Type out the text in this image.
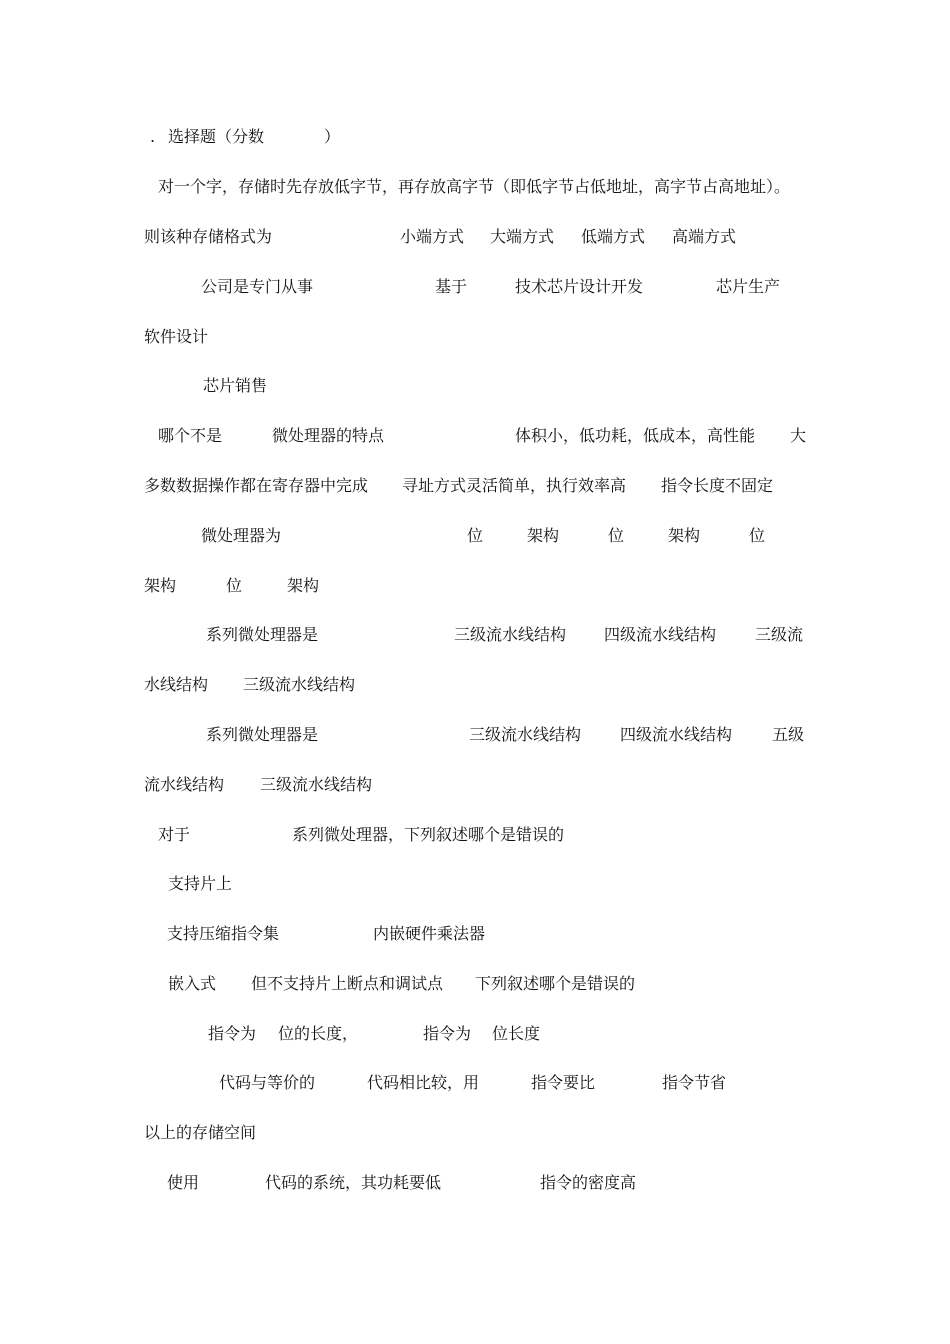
. 选择题（分数	）
对一个字，存储时先存放低字节，再存放高字节（即低字节占低地址，高字节占高地址）。
则该种存储格式为	小端方式 大端方式 低端方式 高端方式
公司是专门从事	基于	技术芯片设计开发	芯片生产
软件设计
芯片销售
哪个不是	微处理器的特点	体积小，低功耗，低成本，高性能 大
多数数据操作都在寄存器中完成 寻址方式灵活简单，执行效率高 指令长度不固定
微处理器为	位	架构	位	架构	位
架构	位	架构
系列微处理器是	三级流水线结构 四级流水线结构 三级流
水线结构 三级流水线结构
系列微处理器是	三级流水线结构 四级流水线结构 五级
流水线结构 三级流水线结构
对于	系列微处理器，下列叙述哪个是错误的
支持片上
支持压缩指令集	内嵌硬件乘法器
嵌入式 但不支持片上断点和调试点 下列叙述哪个是错误的
指令为 位的长度，	指令为 位长度
代码与等价的	代码相比较，用	指令要比	指令节省
以上的存储空间
使用	代码的系统，其功耗要低	指令的密度高
